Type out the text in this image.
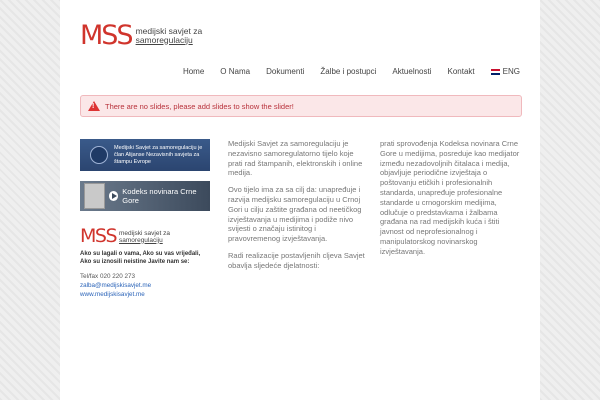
MSS medijski savjet za
samoregulaciju
Home O Nama Dokumenti Žalbe i postupci Aktuelnosti Kontakt	ENG
!
There are no slides, please add slides to show the slider!
Medijski Savjet za samoregulaciju je član Alijanse Nezavisnih savjeta za štampu Evrope
Kodeks novinara Crne Gore
MSS medijski savjet za
samoregulaciju
Ako su lagali o vama, Ako su vas vrijeđali, Ako su iznosili neistine Javite nam se:
Tel/fax 020 220 273
zalba@medijskisavjet.me
www.medijskisavjet.me

Medijski Savjet za samoregulaciju je nezavisno samoregulatorno tijelo koje prati rad štampanih, elektronskih i online medija.

Ovo tijelo ima za sa cilj da: unapređuje i razvija medijsku samoregulaciju u Crnoj Gori u cilju zaštite građana od neetičkog izvještavanja u medijima i podiže nivo svijesti o značaju istinitog i pravovremenog izvještavanja.

Radi realizacije postavljenih cljeva Savjet obavlja sljedeće djelatnosti:

prati sprovođenja Kodeksa novinara Crne Gore u medijima, posreduje kao medijator između nezadovoljnih čitalaca i medija, objavljuje periodične izvještaja o poštovanju etičkih i profesionalnih standarda, unapređuje profesionalne standarde u crnogorskim medijima, odlučuje o predstavkama i žalbama građana na rad medijskih kuća i štiti javnost od neprofesionalnog i manipulatorskog novinarskog izvještavanja.
